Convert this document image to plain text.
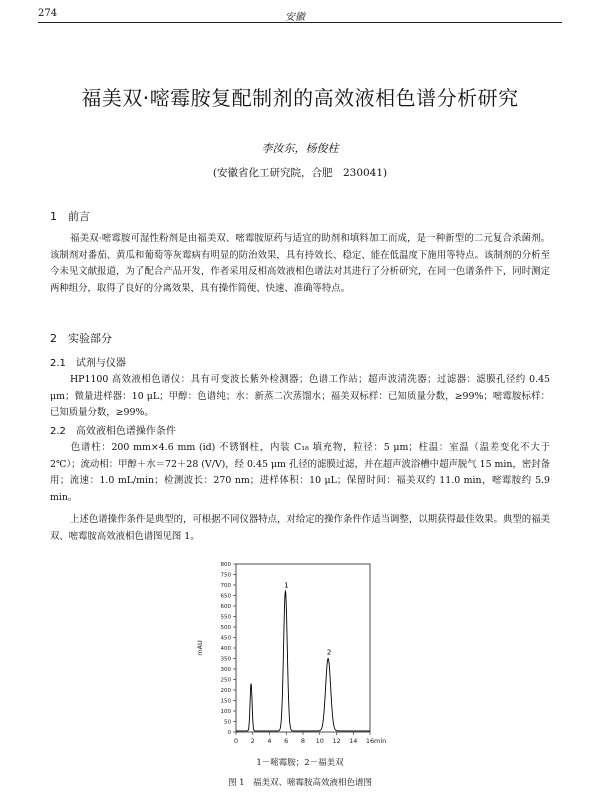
274	安徽
福美双·嘧霉胺复配制剂的高效液相色谱分析研究
李汝东，杨俊柱
(安徽省化工研究院，合肥　230041)
1　前言
福美双·嘧霉胺可湿性粉剂是由福美双、嘧霉胺原药与适宜的助剂和填料加工而成，是一种新型的二元复合杀菌剂。该制剂对番茄、黄瓜和葡萄等灰霉病有明显的防治效果，具有持效长、稳定、能在低温度下施用等特点。该制剂的分析至今未见文献报道，为了配合产品开发，作者采用反相高效液相色谱法对其进行了分析研究，在同一色谱条件下，同时测定两种组分，取得了良好的分离效果，具有操作简便、快速、准确等特点。
2　实验部分
2.1　试剂与仪器
HP1100 高效液相色谱仪：具有可变波长紫外检测器；色谱工作站；超声波清洗器；过滤器：滤膜孔径约 0.45 μm；微量进样器：10 μL；甲醇：色谱纯；水：新蒸二次蒸馏水；福美双标样：已知质量分数，≥99%；嘧霉胺标样：已知质量分数，≥99%。
2.2　高效液相色谱操作条件
色谱柱：200 mm×4.6 mm (id) 不锈钢柱，内装 C₁₈ 填充物，粒径：5 μm；柱温：室温（温差变化不大于 2℃）；流动相：甲醇＋水＝72＋28 (V/V)，经 0.45 μm 孔径的滤膜过滤，并在超声波浴槽中超声脱气 15 min，密封备用；流速：1.0 mL/min；检测波长：270 nm；进样体积：10 μL；保留时间：福美双约 11.0 min，嘧霉胺约 5.9 min。
上述色谱操作条件是典型的，可根据不同仪器特点，对给定的操作条件作适当调整，以期获得最佳效果。典型的福美双、嘧霉胺高效液相色谱图见图 1。
0
50
100
150
200
250
300
350
400
450
500
550
600
650
700
750
800
0 2 4 6 8 10 12 14 16
mAU
min
1
2
1－嘧霉胺；2－福美双
图 1　福美双、嘧霉胺高效液相色谱图
